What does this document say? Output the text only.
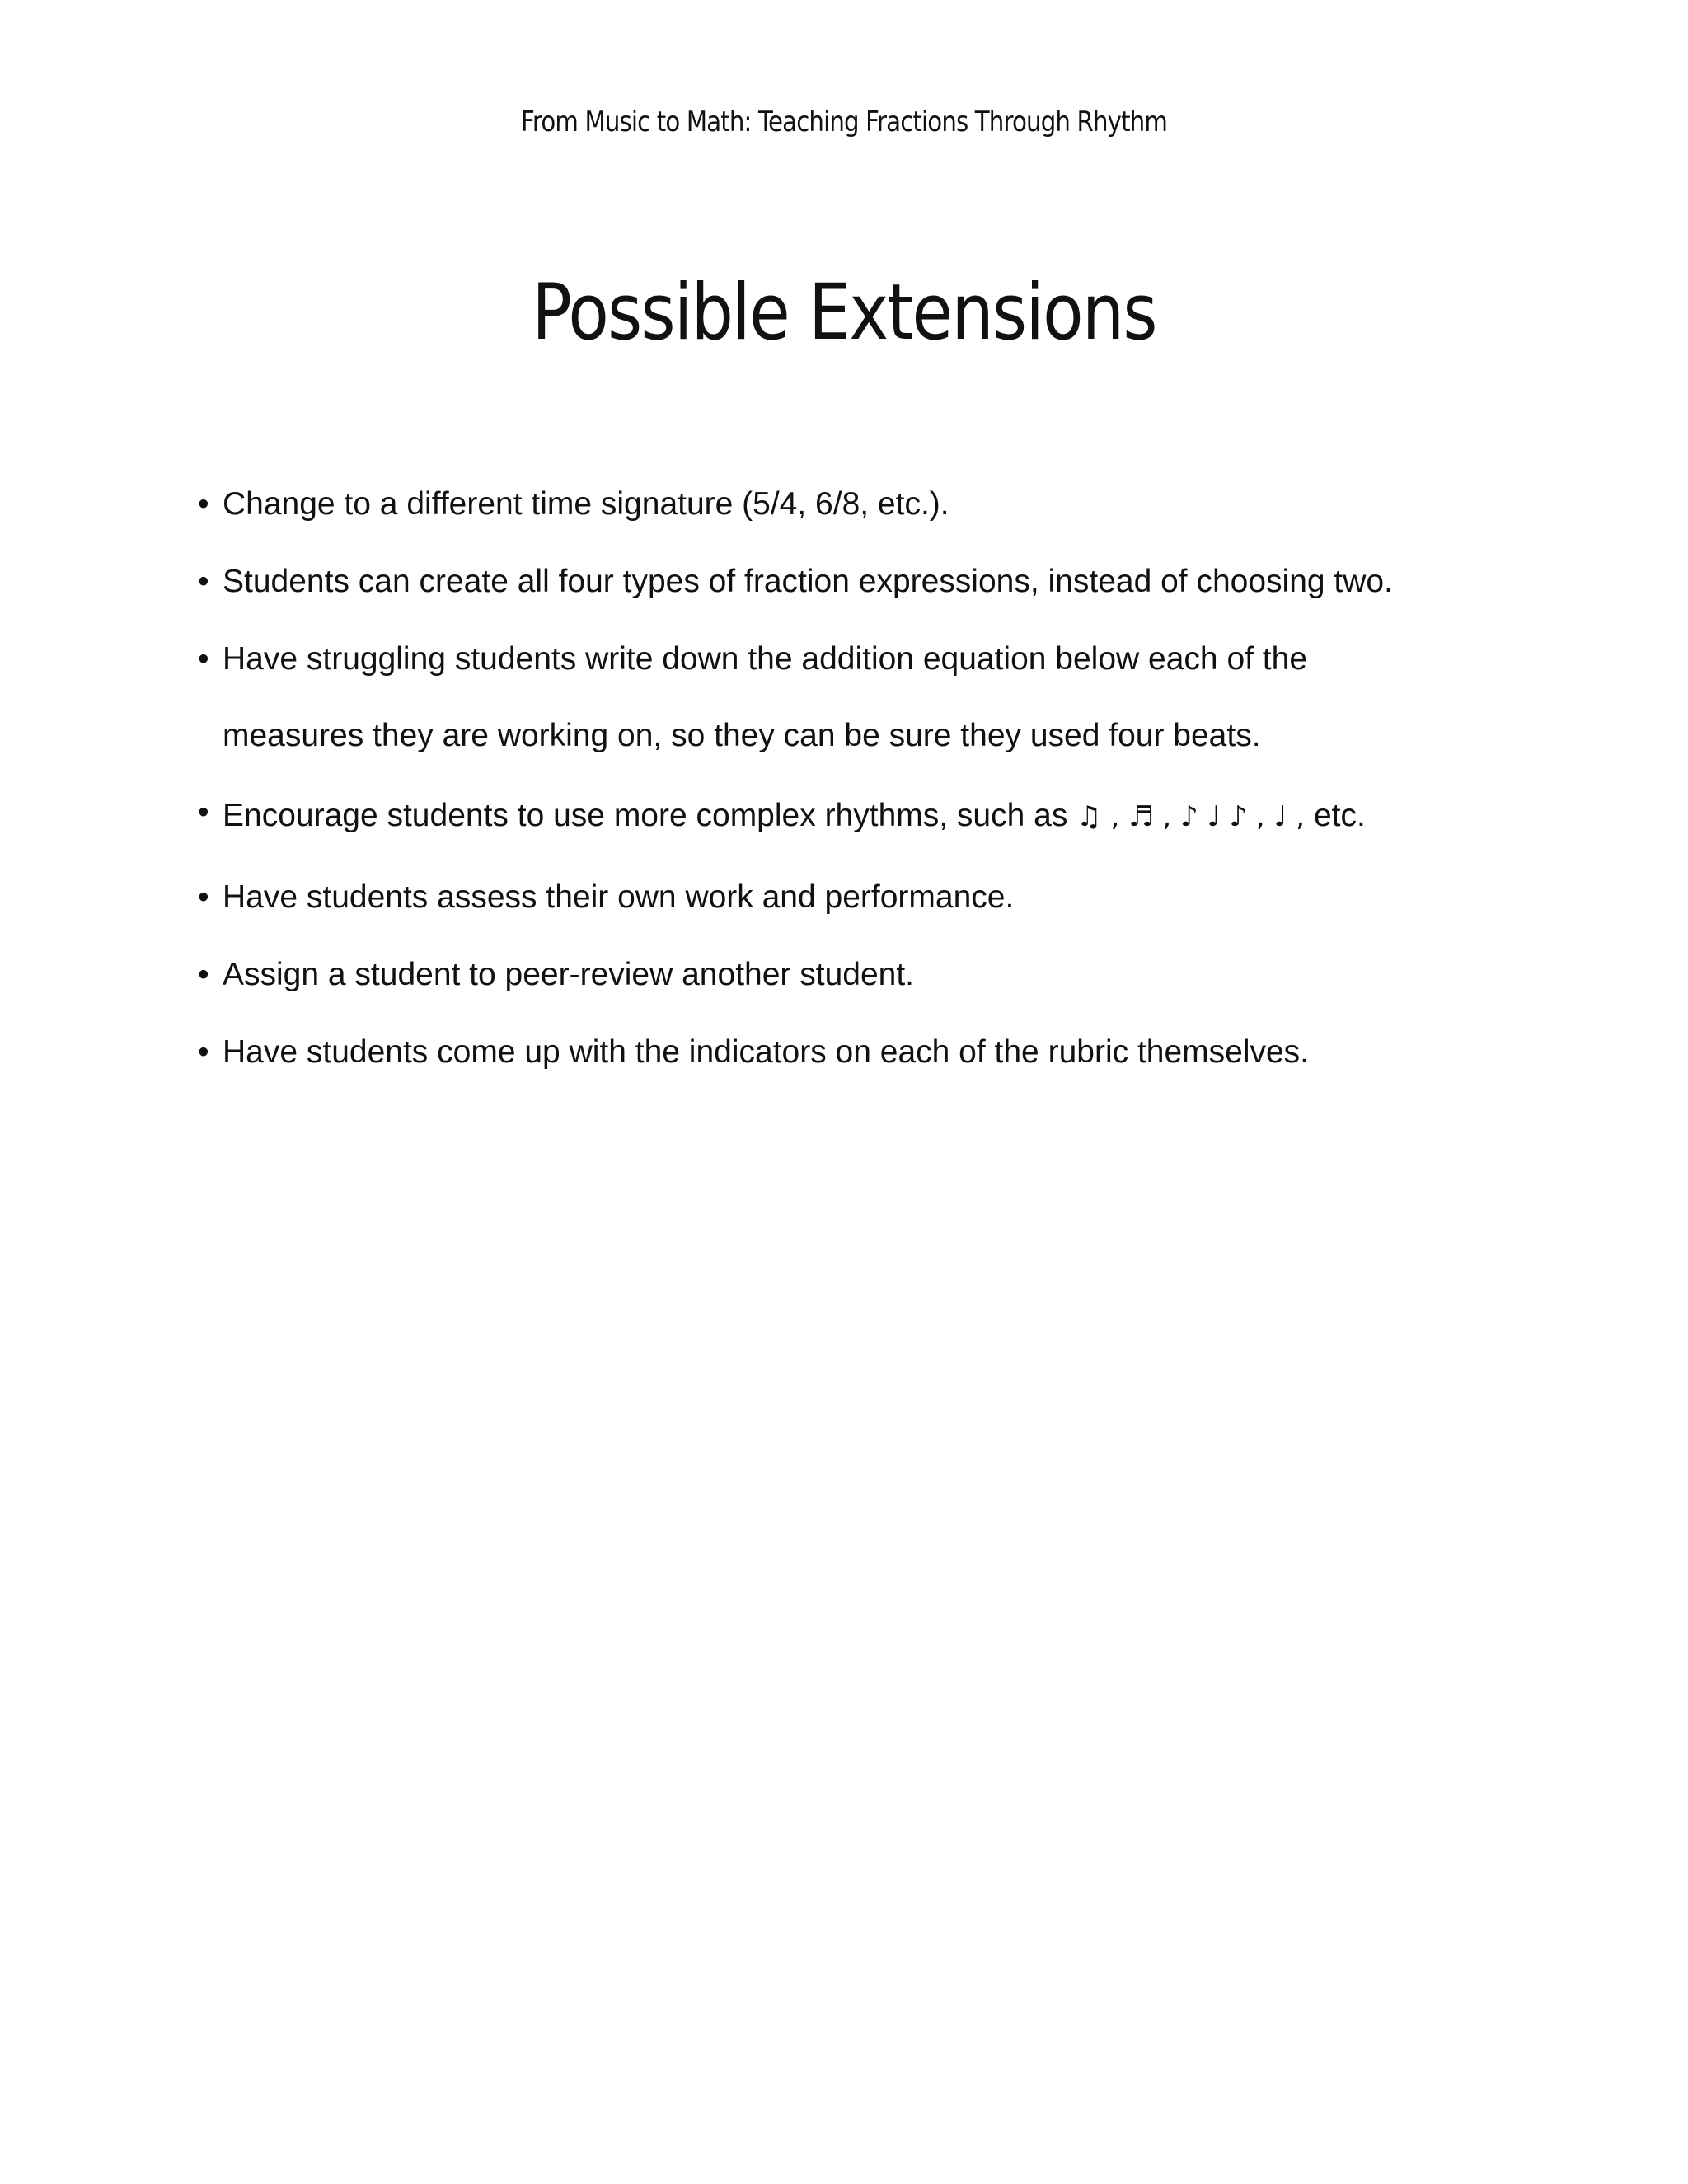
From Music to Math: Teaching Fractions Through Rhythm
Possible Extensions
• Change to a different time signature (5/4, 6/8, etc.).
• Students can create all four types of fraction expressions, instead of choosing two.
• Have struggling students write down the addition equation below each of the
measures they are working on, so they can be sure they used four beats.
• Encourage students to use more complex rhythms, such as ♫ , ♬ , ♪ ♩ ♪ , ♩ , etc.
• Have students assess their own work and performance.
• Assign a student to peer-review another student.
• Have students come up with the indicators on each of the rubric themselves.
